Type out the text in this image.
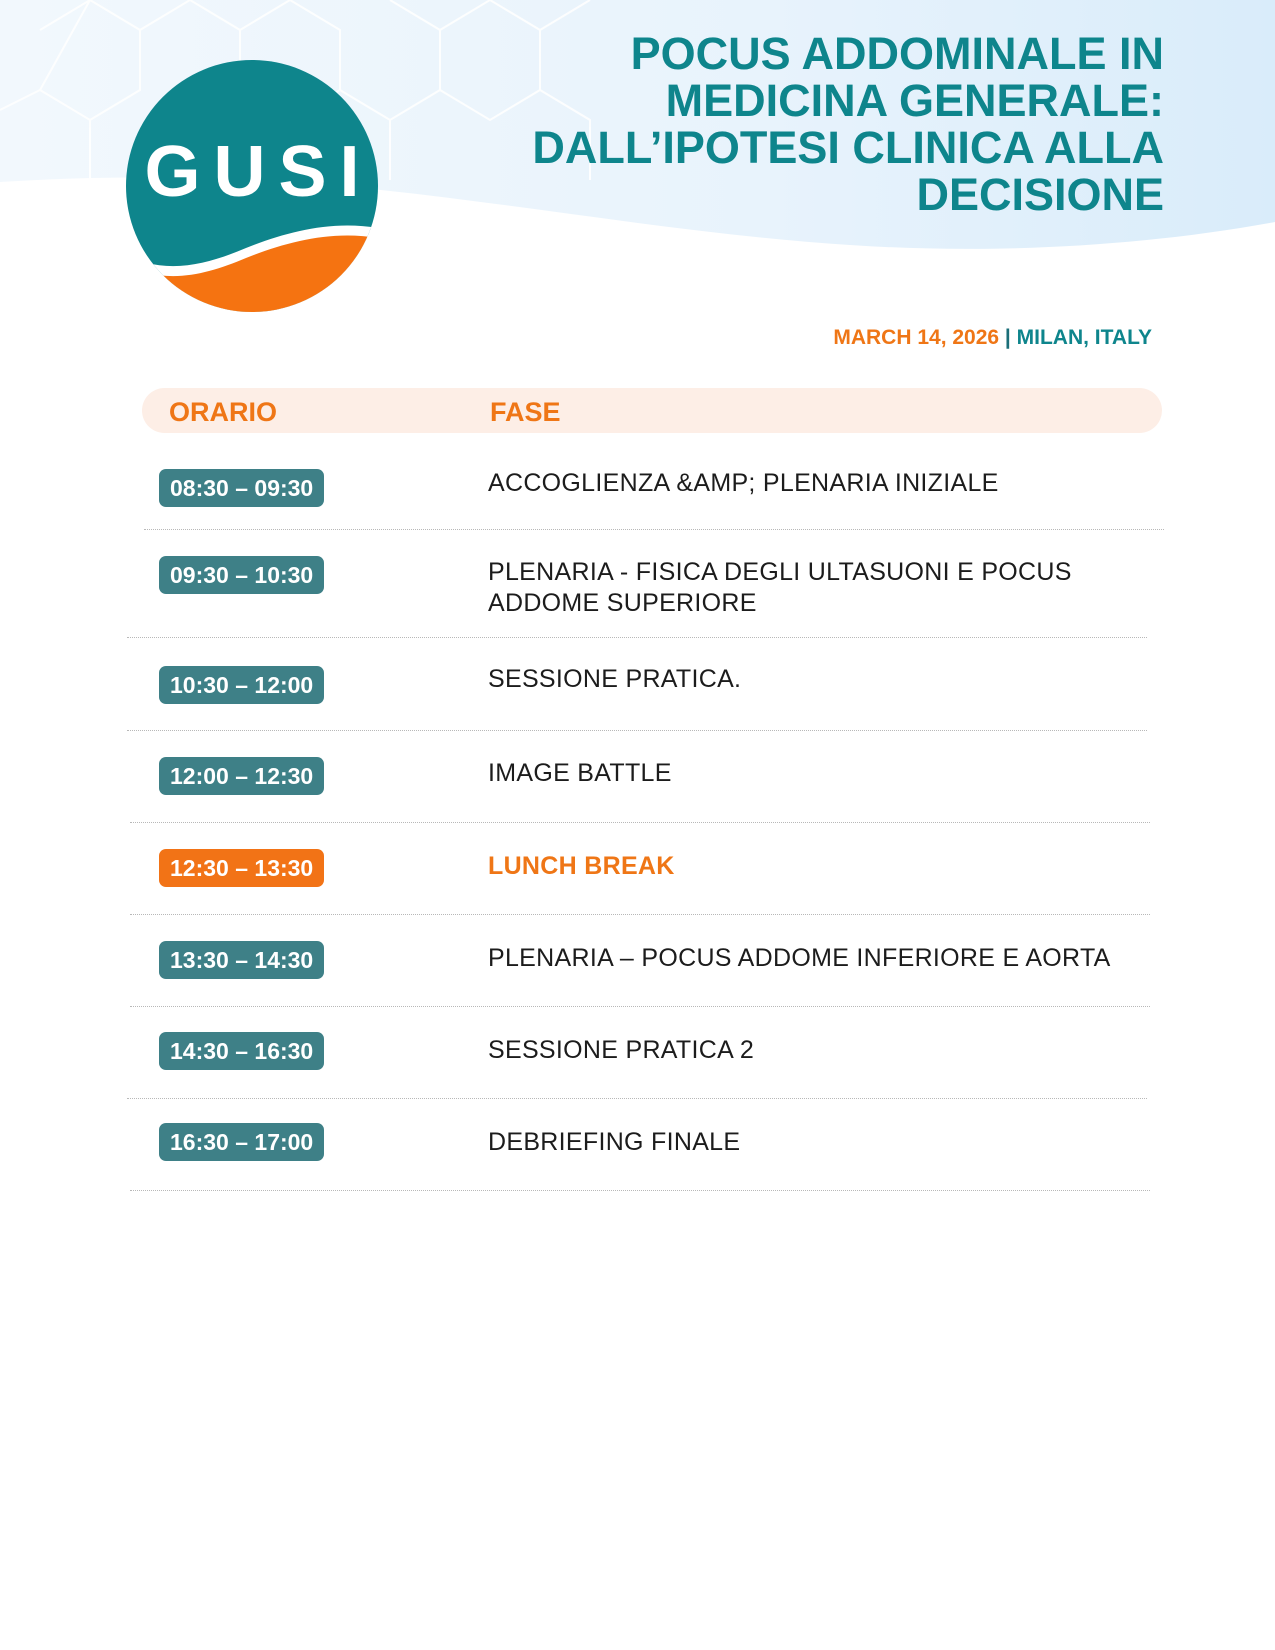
GUSI
POCUS ADDOMINALE IN
MEDICINA GENERALE:
DALL’IPOTESI CLINICA ALLA
DECISIONE
MARCH 14, 2026 | MILAN, ITALY
ORARIO	FASE
08:30 – 09:30	ACCOGLIENZA &AMP; PLENARIA INIZIALE
09:30 – 10:30	PLENARIA - FISICA DEGLI ULTASUONI E POCUS ADDOME SUPERIORE
10:30 – 12:00	SESSIONE PRATICA.
12:00 – 12:30	IMAGE BATTLE
12:30 – 13:30	LUNCH BREAK
13:30 – 14:30	PLENARIA – POCUS ADDOME INFERIORE E AORTA
14:30 – 16:30	SESSIONE PRATICA 2
16:30 – 17:00	DEBRIEFING FINALE
